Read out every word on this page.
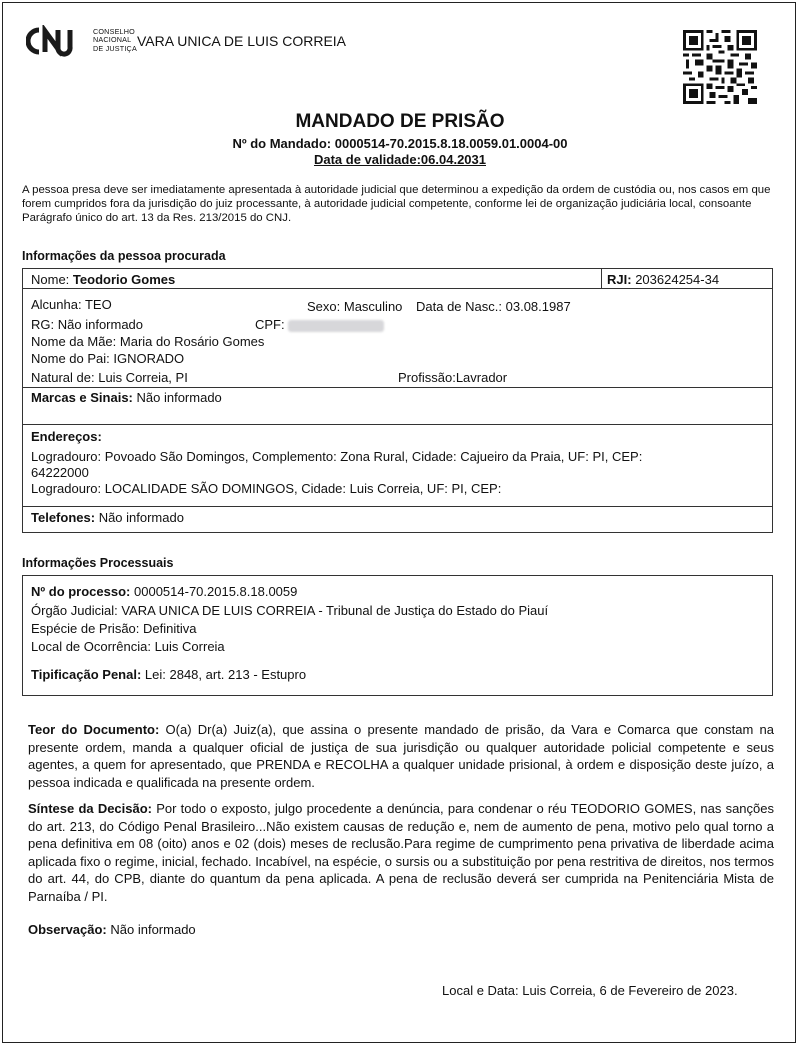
CONSELHO
NACIONAL
DE JUSTIÇA VARA UNICA DE LUIS CORREIA
MANDADO DE PRISÃO
Nº do Mandado: 0000514-70.2015.8.18.0059.01.0004-00
Data de validade:06.04.2031
A pessoa presa deve ser imediatamente apresentada à autoridade judicial que determinou a expedição da ordem de custódia ou, nos casos em que forem cumpridos fora da jurisdição do juiz processante, à autoridade judicial competente, conforme lei de organização judiciária local, consoante Parágrafo único do art. 13 da Res. 213/2015 do CNJ.
Informações da pessoa procurada
Nome: Teodorio Gomes	RJI: 203624254-34
Alcunha: TEO	Sexo: Masculino Data de Nasc.: 03.08.1987
RG: Não informado	CPF:
Nome da Mãe: Maria do Rosário Gomes
Nome do Pai: IGNORADO
Natural de: Luis Correia, PI	Profissão:Lavrador
Marcas e Sinais: Não informado
Endereços:
Logradouro: Povoado São Domingos, Complemento: Zona Rural, Cidade: Cajueiro da Praia, UF: PI, CEP:
64222000
Logradouro: LOCALIDADE SÃO DOMINGOS, Cidade: Luis Correia, UF: PI, CEP:
Telefones: Não informado
Informações Processuais
Nº do processo: 0000514-70.2015.8.18.0059
Órgão Judicial: VARA UNICA DE LUIS CORREIA - Tribunal de Justiça do Estado do Piauí
Espécie de Prisão: Definitiva
Local de Ocorrência: Luis Correia
Tipificação Penal: Lei: 2848, art. 213 - Estupro
Teor do Documento: O(a) Dr(a) Juiz(a), que assina o presente mandado de prisão, da Vara e Comarca que constam na presente ordem, manda a qualquer oficial de justiça de sua jurisdição ou qualquer autoridade policial competente e seus agentes, a quem for apresentado, que PRENDA e RECOLHA a qualquer unidade prisional, à ordem e disposição deste juízo, a pessoa indicada e qualificada na presente ordem.
Síntese da Decisão: Por todo o exposto, julgo procedente a denúncia, para condenar o réu TEODORIO GOMES, nas sanções do art. 213, do Código Penal Brasileiro...Não existem causas de redução e, nem de aumento de pena, motivo pelo qual torno a pena definitiva em 08 (oito) anos e 02 (dois) meses de reclusão.Para regime de cumprimento pena privativa de liberdade acima aplicada fixo o regime, inicial, fechado. Incabível, na espécie, o sursis ou a substituição por pena restritiva de direitos, nos termos do art. 44, do CPB, diante do quantum da pena aplicada. A pena de reclusão deverá ser cumprida na Penitenciária Mista de Parnaíba / PI.
Observação: Não informado
Local e Data: Luis Correia, 6 de Fevereiro de 2023.
